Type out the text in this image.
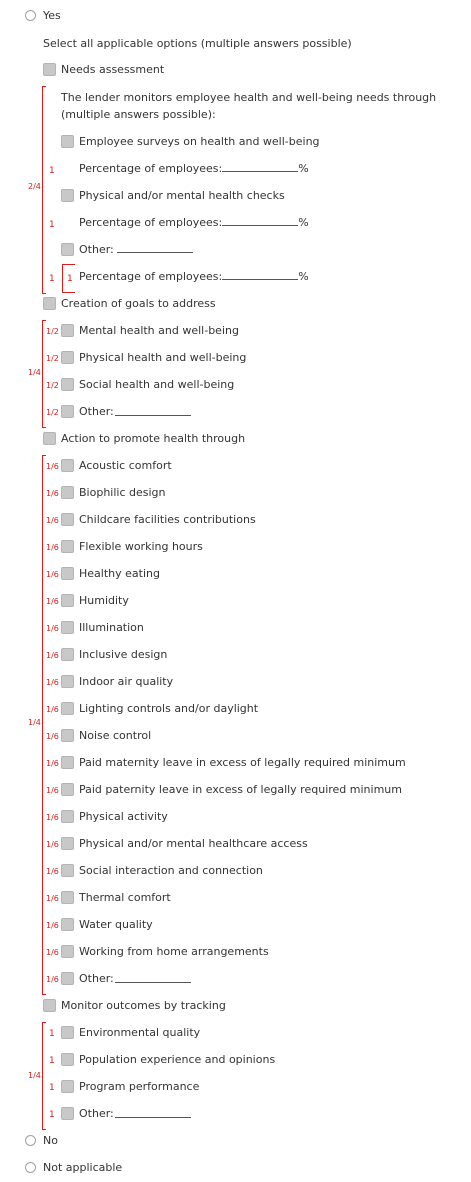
Yes
Select all applicable options (multiple answers possible)
Needs assessment
2/4
The lender monitors employee health and well-being needs through
(multiple answers possible):
Employee surveys on health and well-being
Percentage of employees:	%
1
Physical and/or mental health checks
Percentage of employees:	%
1
Other:
Percentage of employees:	%
1 1
Creation of goals to address
1/4
Mental health and well-being
1/2
Physical health and well-being
1/2
Social health and well-being
1/2
Other:
1/2
Action to promote health through
1/4
Acoustic comfort
1/6
Biophilic design
1/6
Childcare facilities contributions
1/6
Flexible working hours
1/6
Healthy eating
1/6
Humidity
1/6
Illumination
1/6
Inclusive design
1/6
Indoor air quality
1/6
Lighting controls and/or daylight
1/6
Noise control
1/6
Paid maternity leave in excess of legally required minimum
1/6
Paid paternity leave in excess of legally required minimum
1/6
Physical activity
1/6
Physical and/or mental healthcare access
1/6
Social interaction and connection
1/6
Thermal comfort
1/6
Water quality
1/6
Working from home arrangements
1/6
Other:
1/6
Monitor outcomes by tracking
1/4
Environmental quality
1
Population experience and opinions
1
Program performance
1
Other:
1
No
Not applicable
